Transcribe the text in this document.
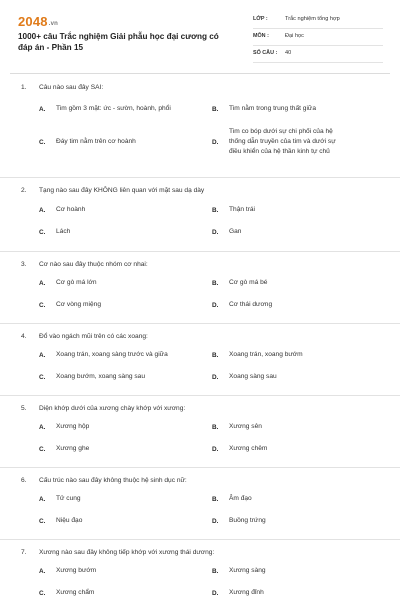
2048.vn
1000+ câu Trắc nghiệm Giải phẫu học đại cương có đáp án - Phần 15
LỚP :	Trắc nghiệm tổng hợp
MÔN :	Đại học
SỐ CÂU : 40
1. Câu nào sau đây SAI:
A.	Tim gồm 3 mặt: ức - sườn, hoành, phổi	B.	Tim nằm trong trung thất giữa
C.	Đáy tim nằm trên cơ hoành	D.
Tim co bóp dưới sự chi phối của hệ thống dẫn truyền của tim và dưới sự điều khiển của hệ thần kinh tự chủ
2. Tạng nào sau đây KHÔNG liên quan với mặt sau dạ dày
A.	Cơ hoành	B.	Thận trái
C.	Lách	D.	Gan
3. Cơ nào sau đây thuộc nhóm cơ nhai:
A.	Cơ gò má lớn	B.	Cơ gò má bé
C.	Cơ vòng miệng	D.	Cơ thái dương
4. Đổ vào ngách mũi trên có các xoang:
A.	Xoang trán, xoang sàng trước và giữa	B.	Xoang trán, xoang bướm
C.	Xoang bướm, xoang sàng sau	D.	Xoang sàng sau
5. Diện khớp dưới của xương chày khớp với xương:
A.	Xương hộp	B.	Xương sên
C.	Xương ghe	D.	Xương chêm
6. Cấu trúc nào sau đây không thuộc hệ sinh dục nữ:
A.	Tử cung	B.	Âm đạo
C.	Niệu đạo	D.	Buồng trứng
7. Xương nào sau đây không tiếp khớp với xương thái dương:
A.	Xương bướm	B.	Xương sàng
C.	Xương chẩm	D.	Xương đỉnh
